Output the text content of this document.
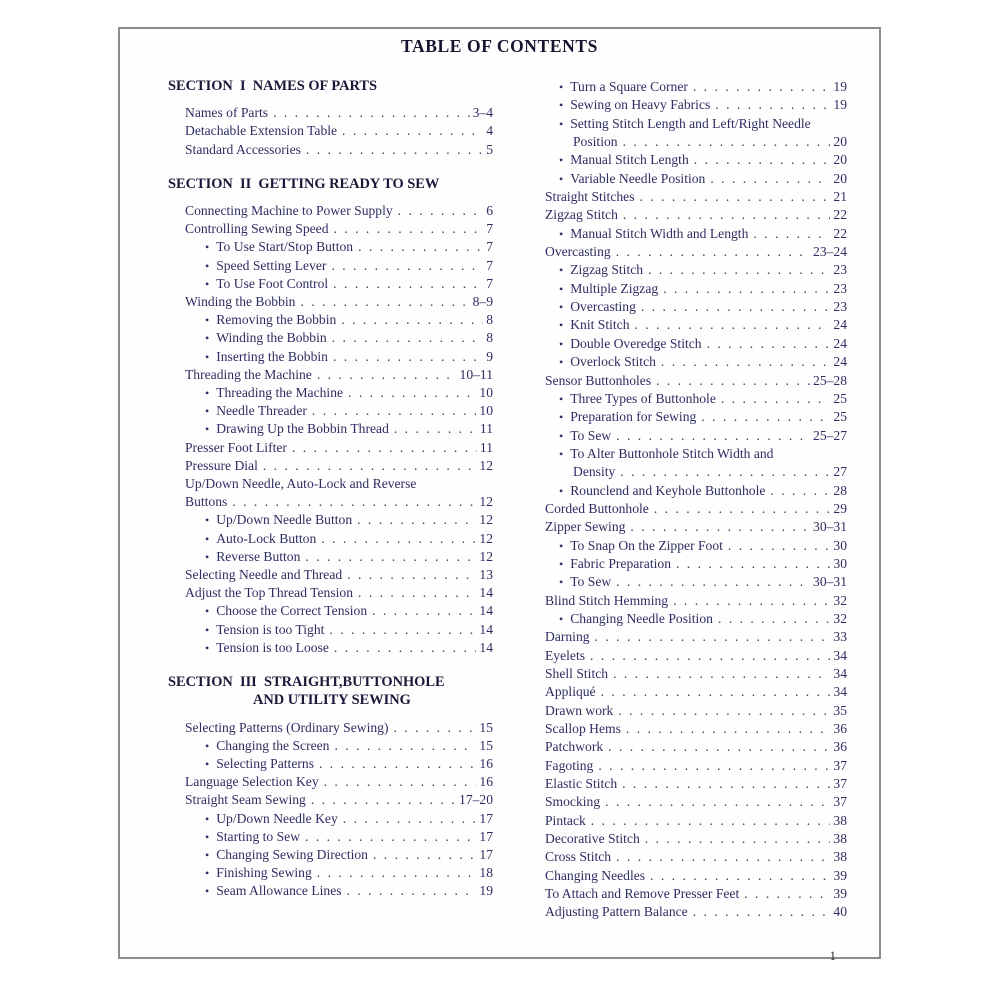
TABLE OF CONTENTS
SECTION  I  NAMES OF PARTS
Names of Parts . . .	3–4
Detachable Extension Table . . .	4
Standard Accessories . . .	5
SECTION  II  GETTING READY TO SEW
Connecting Machine to Power Supply . . .	6
Controlling Sewing Speed . . .	7
• To Use Start/Stop Button . . .	7
• Speed Setting Lever . . .	7
• To Use Foot Control . . .	7
Winding the Bobbin . . .	8–9
• Removing the Bobbin . . .	8
• Winding the Bobbin . . .	8
• Inserting the Bobbin . . .	9
Threading the Machine . . .	10–11
• Threading the Machine . . .	10
• Needle Threader . . .	10
• Drawing Up the Bobbin Thread . . .	11
Presser Foot Lifter . . .	11
Pressure Dial . . .	12
Up/Down Needle, Auto-Lock and Reverse
Buttons . . .	12
• Up/Down Needle Button . . .	12
• Auto-Lock Button . . .	12
• Reverse Button . . .	12
Selecting Needle and Thread . . .	13
Adjust the Top Thread Tension . . .	14
• Choose the Correct Tension . . .	14
• Tension is too Tight . . .	14
• Tension is too Loose . . .	14
SECTION  III  STRAIGHT,BUTTONHOLE
AND UTILITY SEWING
Selecting Patterns (Ordinary Sewing) . . .	15
• Changing the Screen . . .	15
• Selecting Patterns . . .	16
Language Selection Key . . .	16
Straight Seam Sewing . . .	17–20
• Up/Down Needle Key . . .	17
• Starting to Sew . . .	17
• Changing Sewing Direction . . .	17
• Finishing Sewing . . .	18
• Seam Allowance Lines . . .	19
• Turn a Square Corner . . .	19
• Sewing on Heavy Fabrics . . .	19
• Setting Stitch Length and Left/Right Needle
Position . . .	20
• Manual Stitch Length . . .	20
• Variable Needle Position . . .	20
Straight Stitches . . .	21
Zigzag Stitch . . .	22
• Manual Stitch Width and Length . . .	22
Overcasting . . .	23–24
• Zigzag Stitch . . .	23
• Multiple Zigzag . . .	23
• Overcasting . . .	23
• Knit Stitch . . .	24
• Double Overedge Stitch . . .	24
• Overlock Stitch . . .	24
Sensor Buttonholes . . .	25–28
• Three Types of Buttonhole . . .	25
• Preparation for Sewing . . .	25
• To Sew . . .	25–27
• To Alter Buttonhole Stitch Width and
Density . . .	27
• Rounclend and Keyhole Buttonhole . . .	28
Corded Buttonhole . . .	29
Zipper Sewing . . .	30–31
• To Snap On the Zipper Foot . . .	30
• Fabric Preparation . . .	30
• To Sew . . .	30–31
Blind Stitch Hemming . . .	32
• Changing Needle Position . . .	32
Darning . . .	33
Eyelets . . .	34
Shell Stitch . . .	34
Appliqué . . .	34
Drawn work . . .	35
Scallop Hems . . .	36
Patchwork . . .	36
Fagoting . . .	37
Elastic Stitch . . .	37
Smocking . . .	37
Pintack . . .	38
Decorative Stitch . . .	38
Cross Stitch . . .	38
Changing Needles . . .	39
To Attach and Remove Presser Feet . . .	39
Adjusting Pattern Balance . . .	40
1
